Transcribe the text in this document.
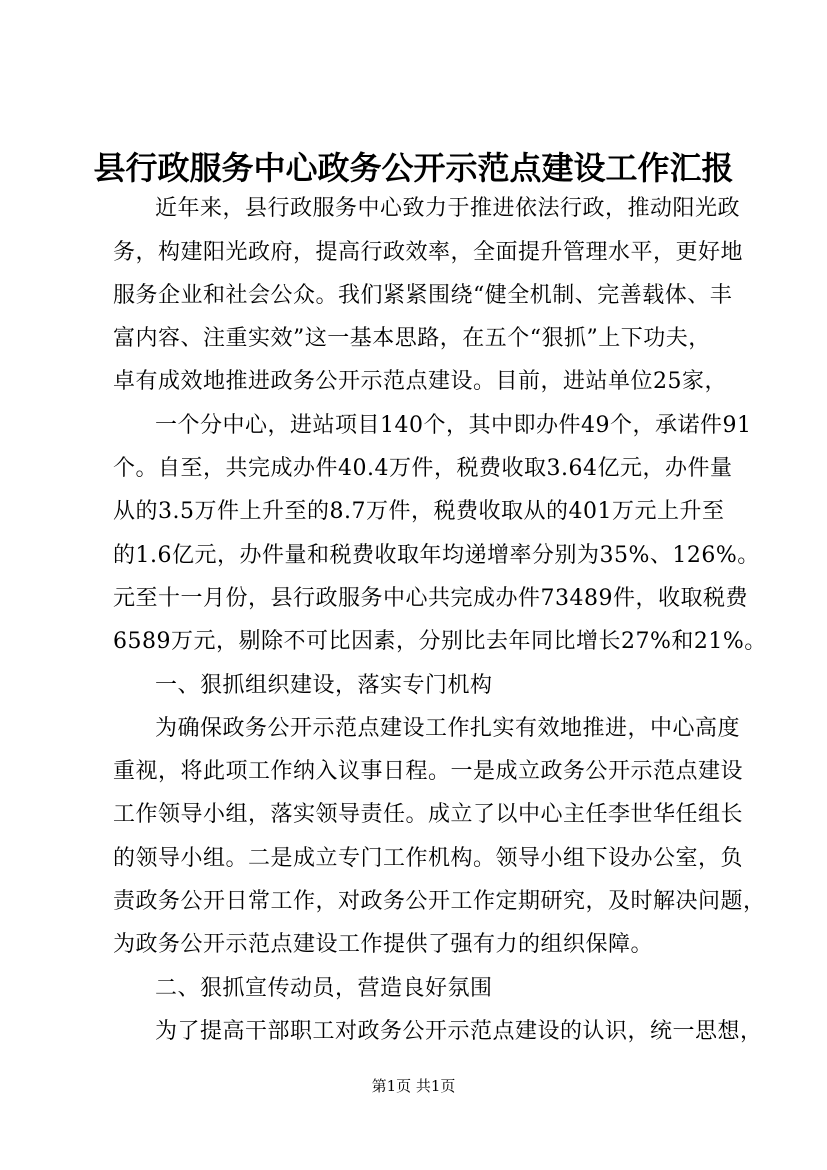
县行政服务中心政务公开示范点建设工作汇报
近年来，县行政服务中心致力于推进依法行政，推动阳光政
务，构建阳光政府，提高行政效率，全面提升管理水平，更好地
服务企业和社会公众。我们紧紧围绕“健全机制、完善载体、丰
富内容、注重实效”这一基本思路，在五个“狠抓”上下功夫，
卓有成效地推进政务公开示范点建设。目前，进站单位25家，
一个分中心，进站项目140个，其中即办件49个，承诺件91
个。自至，共完成办件40.4万件，税费收取3.64亿元，办件量
从的3.5万件上升至的8.7万件，税费收取从的401万元上升至
的1.6亿元，办件量和税费收取年均递增率分别为35%、126%。
元至十一月份，县行政服务中心共完成办件73489件，收取税费
6589万元，剔除不可比因素，分别比去年同比增长27%和21%。
一、狠抓组织建设，落实专门机构
为确保政务公开示范点建设工作扎实有效地推进，中心高度
重视，将此项工作纳入议事日程。一是成立政务公开示范点建设
工作领导小组，落实领导责任。成立了以中心主任李世华任组长
的领导小组。二是成立专门工作机构。领导小组下设办公室，负
责政务公开日常工作，对政务公开工作定期研究，及时解决问题，
为政务公开示范点建设工作提供了强有力的组织保障。
二、狠抓宣传动员，营造良好氛围
为了提高干部职工对政务公开示范点建设的认识，统一思想，
第1页 共1页
